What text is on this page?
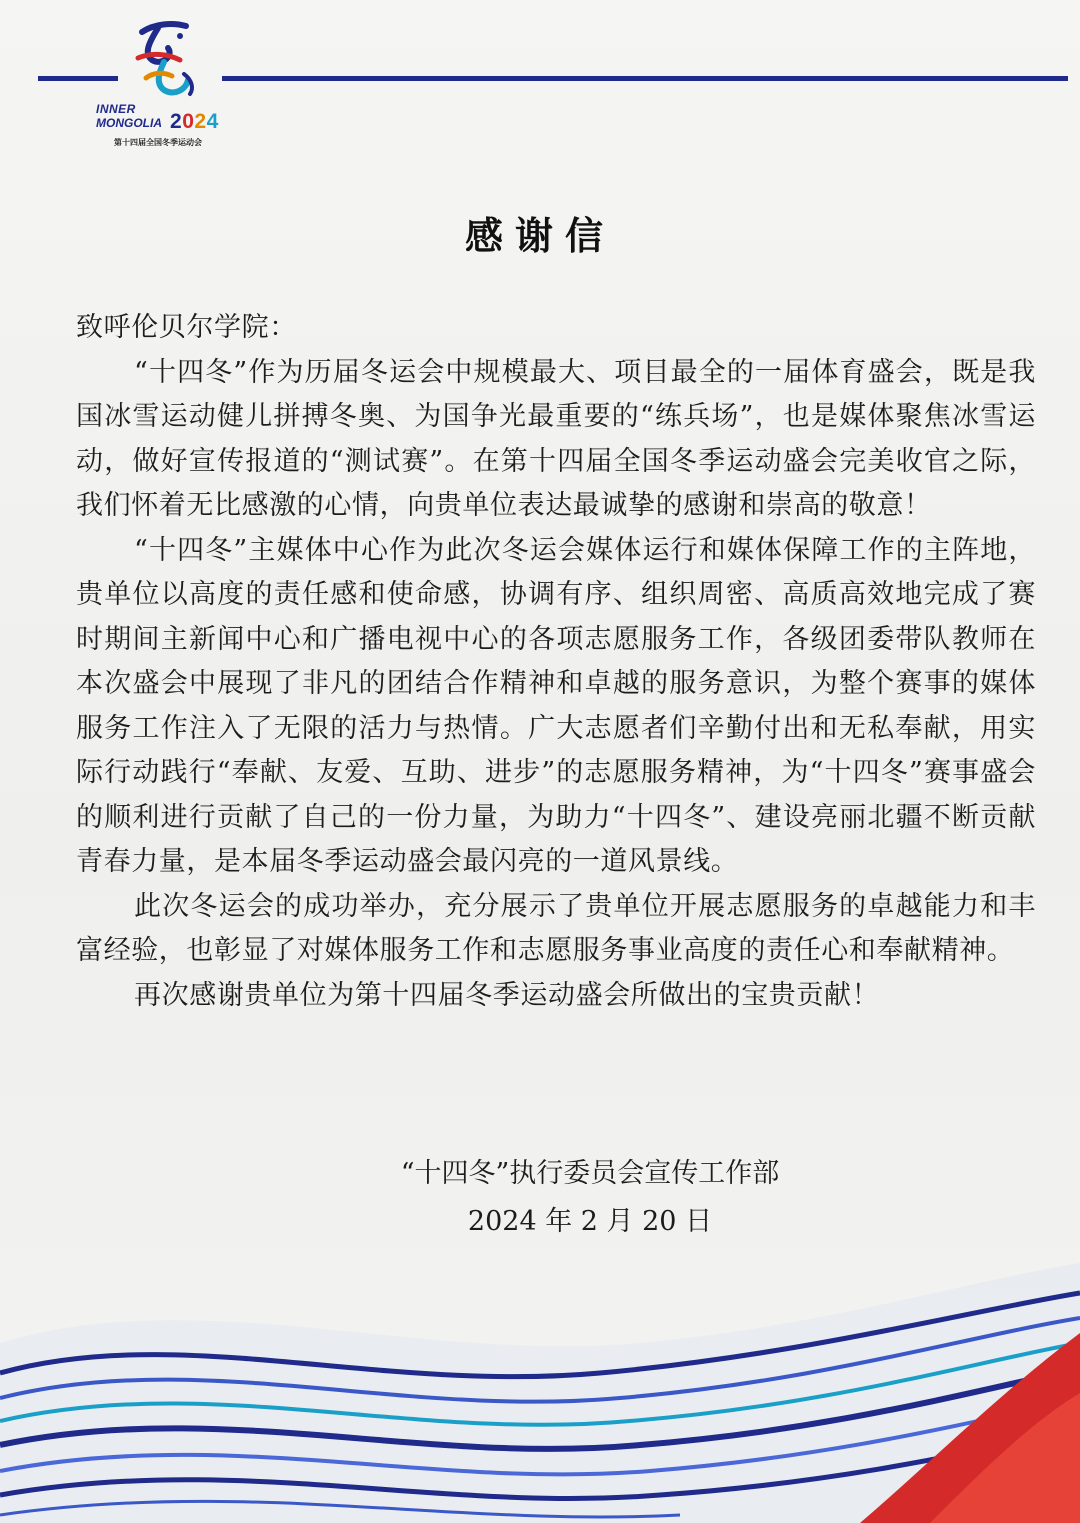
INNER
MONGOLIA 2024
第十四届全国冬季运动会
感谢信

致呼伦贝尔学院：

“十四冬”作为历届冬运会中规模最大、项目最全的一届体育盛会，既是我国冰雪运动健儿拼搏冬奥、为国争光最重要的“练兵场”，也是媒体聚焦冰雪运动，做好宣传报道的“测试赛”。在第十四届全国冬季运动盛会完美收官之际，我们怀着无比感激的心情，向贵单位表达最诚挚的感谢和崇高的敬意！

“十四冬”主媒体中心作为此次冬运会媒体运行和媒体保障工作的主阵地，贵单位以高度的责任感和使命感，协调有序、组织周密、高质高效地完成了赛时期间主新闻中心和广播电视中心的各项志愿服务工作，各级团委带队教师在本次盛会中展现了非凡的团结合作精神和卓越的服务意识，为整个赛事的媒体服务工作注入了无限的活力与热情。广大志愿者们辛勤付出和无私奉献，用实际行动践行“奉献、友爱、互助、进步”的志愿服务精神，为“十四冬”赛事盛会的顺利进行贡献了自己的一份力量，为助力“十四冬”、建设亮丽北疆不断贡献青春力量，是本届冬季运动盛会最闪亮的一道风景线。

此次冬运会的成功举办，充分展示了贵单位开展志愿服务的卓越能力和丰富经验，也彰显了对媒体服务工作和志愿服务事业高度的责任心和奉献精神。

再次感谢贵单位为第十四届冬季运动盛会所做出的宝贵贡献！

“十四冬”执行委员会宣传工作部
2024 年 2 月 20 日
